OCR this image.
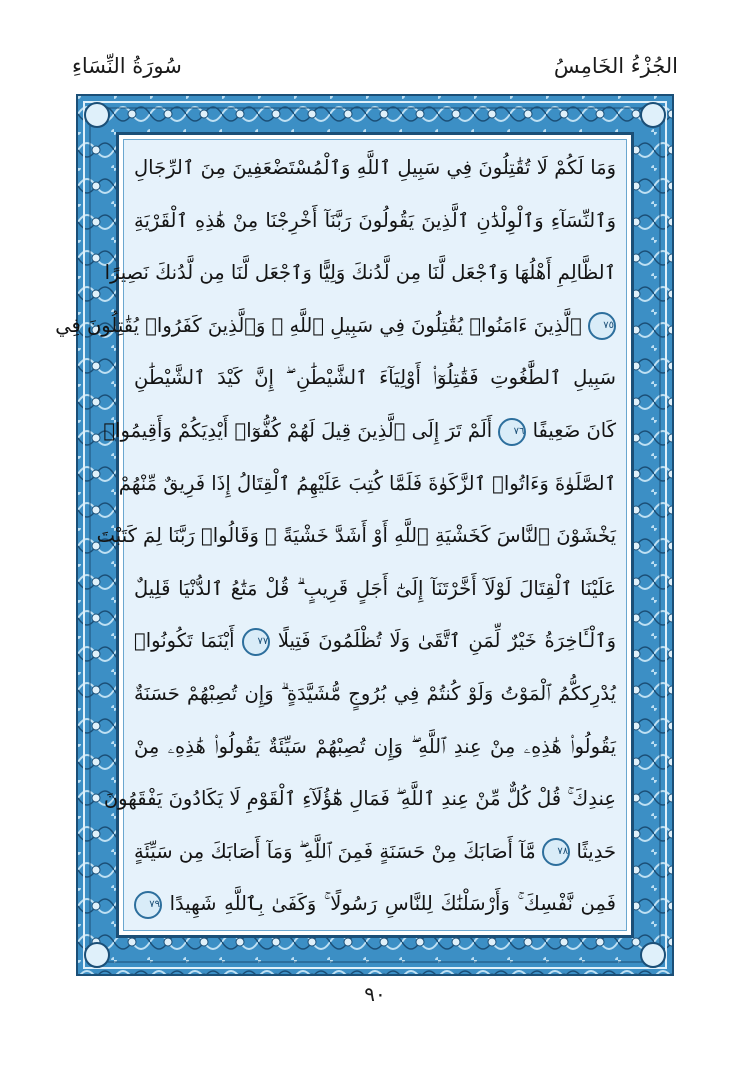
الجُزْءُ الخَامِسُ
سُورَةُ النِّسَاءِ
وَمَا لَكُمْ لَا تُقَٰتِلُونَ فِي سَبِيلِ ٱللَّهِ وَٱلْمُسْتَضْعَفِينَ مِنَ ٱلرِّجَالِ
وَٱلنِّسَآءِ وَٱلْوِلْدَٰنِ ٱلَّذِينَ يَقُولُونَ رَبَّنَآ أَخْرِجْنَا مِنْ هَٰذِهِ ٱلْقَرْيَةِ
ٱلظَّالِمِ أَهْلُهَا وَٱجْعَل لَّنَا مِن لَّدُنكَ وَلِيًّا وَٱجْعَل لَّنَا مِن لَّدُنكَ نَصِيرًا
٧٥ ٱلَّذِينَ ءَامَنُوا۟ يُقَٰتِلُونَ فِي سَبِيلِ ٱللَّهِ ۖ وَٱلَّذِينَ كَفَرُوا۟ يُقَٰتِلُونَ فِي
سَبِيلِ ٱلطَّٰغُوتِ فَقَٰتِلُوٓا۟ أَوْلِيَآءَ ٱلشَّيْطَٰنِ ۖ إِنَّ كَيْدَ ٱلشَّيْطَٰنِ
كَانَ ضَعِيفًا ٧٦ أَلَمْ تَرَ إِلَى ٱلَّذِينَ قِيلَ لَهُمْ كُفُّوٓا۟ أَيْدِيَكُمْ وَأَقِيمُوا۟
ٱلصَّلَوٰةَ وَءَاتُوا۟ ٱلزَّكَوٰةَ فَلَمَّا كُتِبَ عَلَيْهِمُ ٱلْقِتَالُ إِذَا فَرِيقٌ مِّنْهُمْ
يَخْشَوْنَ ٱلنَّاسَ كَخَشْيَةِ ٱللَّهِ أَوْ أَشَدَّ خَشْيَةً ۚ وَقَالُوا۟ رَبَّنَا لِمَ كَتَبْتَ
عَلَيْنَا ٱلْقِتَالَ لَوْلَآ أَخَّرْتَنَآ إِلَىٰٓ أَجَلٍ قَرِيبٍ ۗ قُلْ مَتَٰعُ ٱلدُّنْيَا قَلِيلٌ
وَٱلْـَٔاخِرَةُ خَيْرٌ لِّمَنِ ٱتَّقَىٰ وَلَا تُظْلَمُونَ فَتِيلًا ٧٧ أَيْنَمَا تَكُونُوا۟
يُدْرِككُّمُ ٱلْمَوْتُ وَلَوْ كُنتُمْ فِي بُرُوجٍ مُّشَيَّدَةٍ ۗ وَإِن تُصِبْهُمْ حَسَنَةٌ
يَقُولُوا۟ هَٰذِهِۦ مِنْ عِندِ ٱللَّهِ ۖ وَإِن تُصِبْهُمْ سَيِّئَةٌ يَقُولُوا۟ هَٰذِهِۦ مِنْ
عِندِكَ ۚ قُلْ كُلٌّ مِّنْ عِندِ ٱللَّهِ ۖ فَمَالِ هَٰٓؤُلَآءِ ٱلْقَوْمِ لَا يَكَادُونَ يَفْقَهُونَ
حَدِيثًا ٧٨ مَّآ أَصَابَكَ مِنْ حَسَنَةٍ فَمِنَ ٱللَّهِ ۖ وَمَآ أَصَابَكَ مِن سَيِّئَةٍ
فَمِن نَّفْسِكَ ۚ وَأَرْسَلْنَٰكَ لِلنَّاسِ رَسُولًا ۚ وَكَفَىٰ بِٱللَّهِ شَهِيدًا ٧٩
٩٠
